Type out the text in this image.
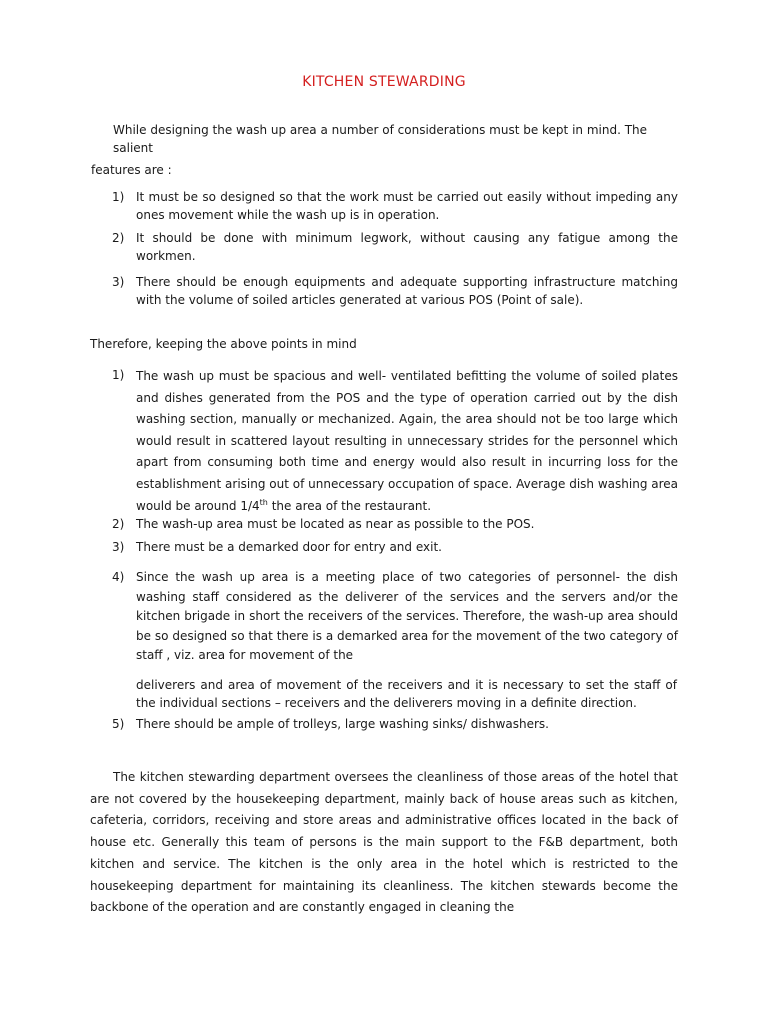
KITCHEN STEWARDING
While designing the wash up area a number of considerations must be kept in mind. The salient
features are :
1) It must be so designed so that the work must be carried out easily without impeding any ones movement while the wash up is in operation.
2) It should be done with minimum legwork, without causing any fatigue among the workmen.
3) There should be enough equipments and adequate supporting infrastructure matching with the volume of soiled articles generated at various POS (Point of sale).
Therefore, keeping the above points in mind
1) The wash up must be spacious and well- ventilated befitting the volume of soiled plates and dishes generated from the POS and the type of operation carried out by the dish washing section, manually or mechanized. Again, the area should not be too large which would result in scattered layout resulting in unnecessary strides for the personnel which apart from consuming both time and energy would also result in incurring loss for the establishment arising out of unnecessary occupation of space. Average dish washing area would be around 1/4th the area of the restaurant.
2) The wash-up area must be located as near as possible to the POS.
3) There must be a demarked door for entry and exit.
4) Since the wash up area is a meeting place of two categories of personnel- the dish washing staff considered as the deliverer of the services and the servers and/or the kitchen brigade in short the receivers of the services. Therefore, the wash-up area should be so designed so that there is a demarked area for the movement of the two category of staff , viz. area for movement of the
deliverers and area of movement of the receivers and it is necessary to set the staff of the individual sections – receivers and the deliverers moving in a definite direction.
5) There should be ample of trolleys, large washing sinks/ dishwashers.
The kitchen stewarding department oversees the cleanliness of those areas of the hotel that are not covered by the housekeeping department, mainly back of house areas such as kitchen, cafeteria, corridors, receiving and store areas and administrative offices located in the back of house etc. Generally this team of persons is the main support to the F&B department, both kitchen and service. The kitchen is the only area in the hotel which is restricted to the housekeeping department for maintaining its cleanliness. The kitchen stewards become the backbone of the operation and are constantly engaged in cleaning the
